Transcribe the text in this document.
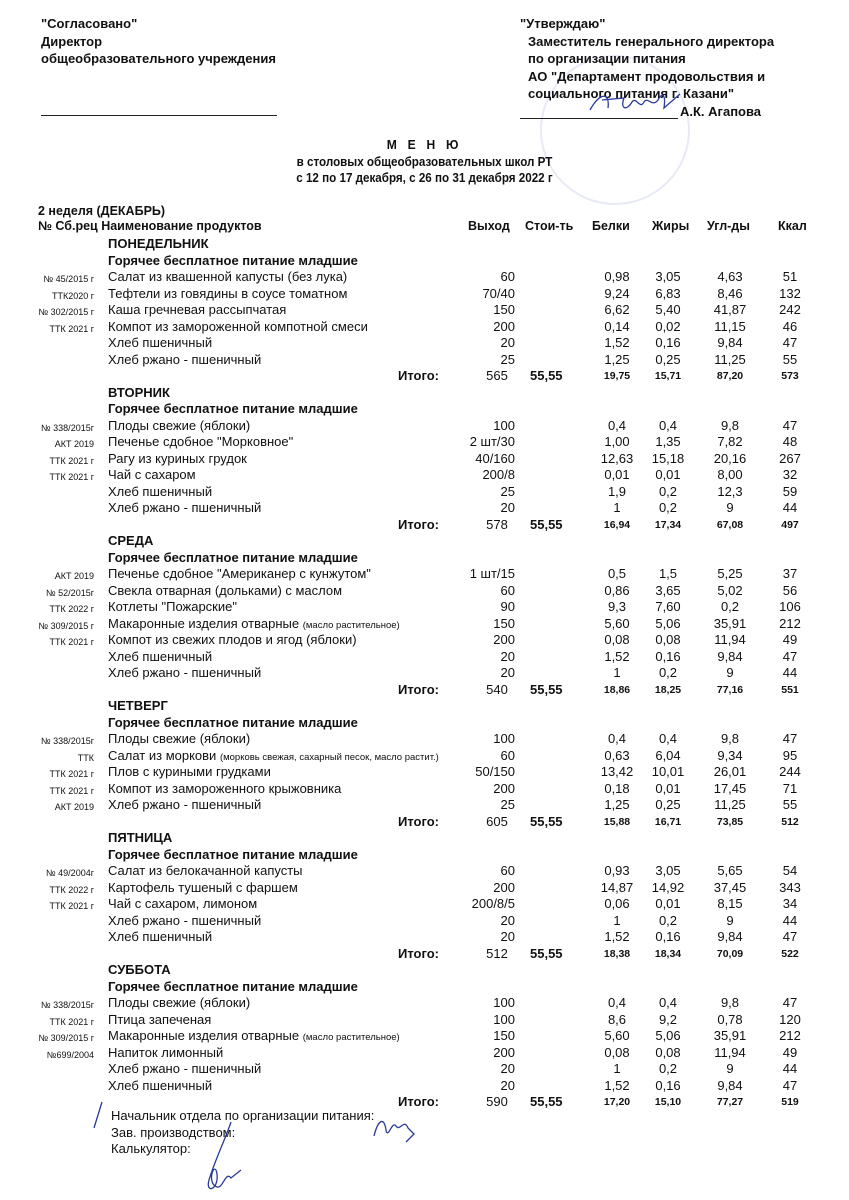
"Согласовано"
Директор
общеобразовательного учреждения
"Утверждаю"
Заместитель генерального директора
по организации питания
АО "Департамент продовольствия и
социального питания г. Казани"
А.К. Агапова
М Е Н Ю
в столовых общеобразовательных школ РТ
с 12 по 17 декабря, с 26 по 31 декабря 2022 г
2 неделя (ДЕКАБРЬ)
№ Сб.рец Наименование продуктов	Выход Стои-ть Белки Жиры Угл-ды Ккал
ПОНЕДЕЛЬНИК
Горячее бесплатное питание младшие
№ 45/2015 г Салат из квашенной капусты (без лука)	60	0,98	3,05	4,63	51
ТТК2020 г Тефтели из говядины в соусе томатном	70/40	9,24	6,83	8,46	132
№ 302/2015 г Каша гречневая рассыпчатая	150	6,62	5,40	41,87	242
ТТК 2021 г Компот из замороженной компотной смеси	200	0,14	0,02	11,15	46
Хлеб пшеничный	20	1,52	0,16	9,84	47
Хлеб ржано - пшеничный	25	1,25	0,25	11,25	55
Итого:	565	55,55	19,75	15,71	87,20	573
ВТОРНИК
Горячее бесплатное питание младшие
№ 338/2015г Плоды свежие (яблоки)	100	0,4	0,4	9,8	47
АКТ 2019 Печенье сдобное "Морковное"	2 шт/30	1,00	1,35	7,82	48
ТТК 2021 г Рагу из куриных грудок	40/160	12,63	15,18	20,16	267
ТТК 2021 г Чай с сахаром	200/8	0,01	0,01	8,00	32
Хлеб пшеничный	25	1,9	0,2	12,3	59
Хлеб ржано - пшеничный	20	1	0,2	9	44
Итого:	578	55,55	16,94	17,34	67,08	497
СРЕДА
Горячее бесплатное питание младшие
АКТ 2019 Печенье сдобное "Американер с кунжутом"	1 шт/15	0,5	1,5	5,25	37
№ 52/2015г Свекла отварная (дольками) с маслом	60	0,86	3,65	5,02	56
ТТК 2022 г Котлеты "Пожарские"	90	9,3	7,60	0,2	106
№ 309/2015 г Макаронные изделия отварные (масло растительное)	150	5,60	5,06	35,91	212
ТТК 2021 г Компот из свежих плодов и ягод (яблоки)	200	0,08	0,08	11,94	49
Хлеб пшеничный	20	1,52	0,16	9,84	47
Хлеб ржано - пшеничный	20	1	0,2	9	44
Итого:	540	55,55	18,86	18,25	77,16	551
ЧЕТВЕРГ
Горячее бесплатное питание младшие
№ 338/2015г Плоды свежие (яблоки)	100	0,4	0,4	9,8	47
ТТК Салат из моркови (морковь свежая, сахарный песок, масло растит.)	60	0,63	6,04	9,34	95
ТТК 2021 г Плов с куриными грудками	50/150	13,42	10,01	26,01	244
ТТК 2021 г Компот из замороженного крыжовника	200	0,18	0,01	17,45	71
АКТ 2019 Хлеб ржано - пшеничный	25	1,25	0,25	11,25	55
Итого:	605	55,55	15,88	16,71	73,85	512
ПЯТНИЦА
Горячее бесплатное питание младшие
№ 49/2004г Салат из белокачанной капусты	60	0,93	3,05	5,65	54
ТТК 2022 г Картофель тушеный с фаршем	200	14,87	14,92	37,45	343
ТТК 2021 г Чай с сахаром, лимоном	200/8/5	0,06	0,01	8,15	34
Хлеб ржано - пшеничный	20	1	0,2	9	44
Хлеб пшеничный	20	1,52	0,16	9,84	47
Итого:	512	55,55	18,38	18,34	70,09	522
СУББОТА
Горячее бесплатное питание младшие
№ 338/2015г Плоды свежие (яблоки)	100	0,4	0,4	9,8	47
ТТК 2021 г Птица запеченая	100	8,6	9,2	0,78	120
№ 309/2015 г Макаронные изделия отварные (масло растительное)	150	5,60	5,06	35,91	212
№699/2004 Напиток лимонный	200	0,08	0,08	11,94	49
Хлеб ржано - пшеничный	20	1	0,2	9	44
Хлеб пшеничный	20	1,52	0,16	9,84	47
Итого:	590	55,55	17,20	15,10	77,27	519
Начальник отдела по организации питания:
Зав. производством:
Калькулятор:
